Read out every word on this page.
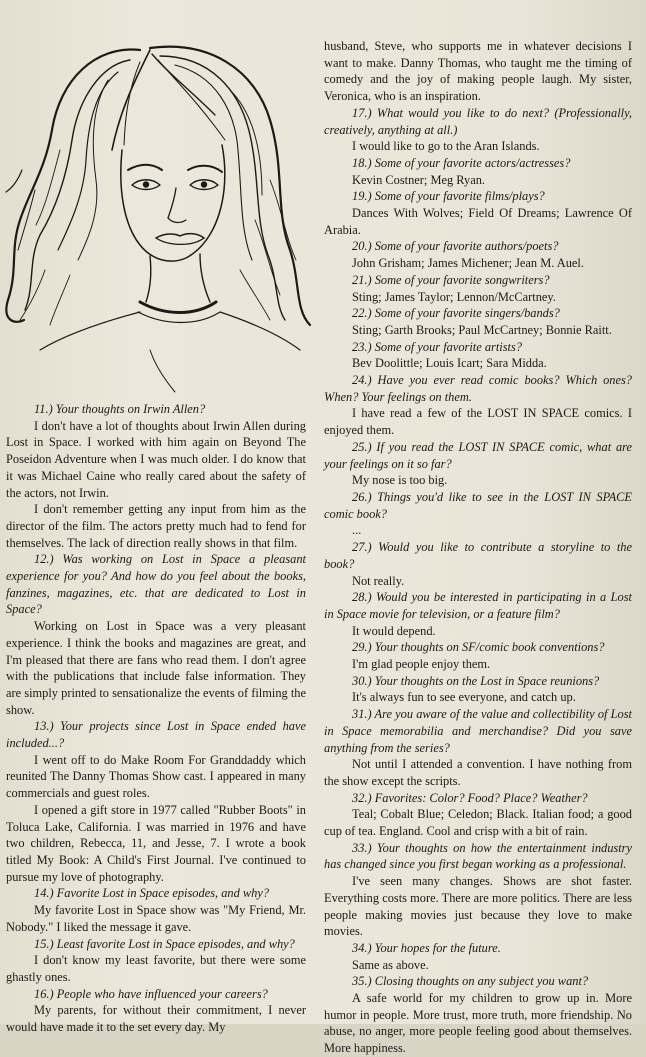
11.) Your thoughts on Irwin Allen?

I don't have a lot of thoughts about Irwin Allen during Lost in Space. I worked with him again on Beyond The Poseidon Adventure when I was much older. I do know that it was Michael Caine who really cared about the safety of the actors, not Irwin.

I don't remember getting any input from him as the director of the film. The actors pretty much had to fend for themselves. The lack of direction really shows in that film.

12.) Was working on Lost in Space a pleasant experience for you? And how do you feel about the books, fanzines, magazines, etc. that are dedicated to Lost in Space?

Working on Lost in Space was a very pleasant experience. I think the books and magazines are great, and I'm pleased that there are fans who read them. I don't agree with the publications that include false information. They are simply printed to sensationalize the events of filming the show.

13.) Your projects since Lost in Space ended have included...?

I went off to do Make Room For Granddaddy which reunited The Danny Thomas Show cast. I appeared in many commercials and guest roles.

I opened a gift store in 1977 called "Rubber Boots" in Toluca Lake, California. I was married in 1976 and have two children, Rebecca, 11, and Jesse, 7. I wrote a book titled My Book: A Child's First Journal. I've continued to pursue my love of photography.

14.) Favorite Lost in Space episodes, and why?

My favorite Lost in Space show was "My Friend, Mr. Nobody." I liked the message it gave.

15.) Least favorite Lost in Space episodes, and why?

I don't know my least favorite, but there were some ghastly ones.

16.) People who have influenced your careers?

My parents, for without their commitment, I never would have made it to the set every day. My

husband, Steve, who supports me in whatever decisions I want to make. Danny Thomas, who taught me the timing of comedy and the joy of making people laugh. My sister, Veronica, who is an inspiration.

17.) What would you like to do next? (Professionally, creatively, anything at all.)

I would like to go to the Aran Islands.

18.) Some of your favorite actors/actresses?

Kevin Costner; Meg Ryan.

19.) Some of your favorite films/plays?

Dances With Wolves; Field Of Dreams; Lawrence Of Arabia.

20.) Some of your favorite authors/poets?

John Grisham; James Michener; Jean M. Auel.

21.) Some of your favorite songwriters?

Sting; James Taylor; Lennon/McCartney.

22.) Some of your favorite singers/bands?

Sting; Garth Brooks; Paul McCartney; Bonnie Raitt.

23.) Some of your favorite artists?

Bev Doolittle; Louis Icart; Sara Midda.

24.) Have you ever read comic books? Which ones? When? Your feelings on them.

I have read a few of the LOST IN SPACE comics. I enjoyed them.

25.) If you read the LOST IN SPACE comic, what are your feelings on it so far?

My nose is too big.

26.) Things you'd like to see in the LOST IN SPACE comic book?

...

27.) Would you like to contribute a storyline to the book?

Not really.

28.) Would you be interested in participating in a Lost in Space movie for television, or a feature film?

It would depend.

29.) Your thoughts on SF/comic book conventions?

I'm glad people enjoy them.

30.) Your thoughts on the Lost in Space reunions?

It's always fun to see everyone, and catch up.

31.) Are you aware of the value and collectibility of Lost in Space memorabilia and merchandise? Did you save anything from the series?

Not until I attended a convention. I have nothing from the show except the scripts.

32.) Favorites: Color? Food? Place? Weather?

Teal; Cobalt Blue; Celedon; Black. Italian food; a good cup of tea. England. Cool and crisp with a bit of rain.

33.) Your thoughts on how the entertainment industry has changed since you first began working as a professional.

I've seen many changes. Shows are shot faster. Everything costs more. There are more politics. There are less people making movies just because they love to make movies.

34.) Your hopes for the future.

Same as above.

35.) Closing thoughts on any subject you want?

A safe world for my children to grow up in. More humor in people. More trust, more truth, more friendship. No abuse, no anger, more people feeling good about themselves. More happiness.
